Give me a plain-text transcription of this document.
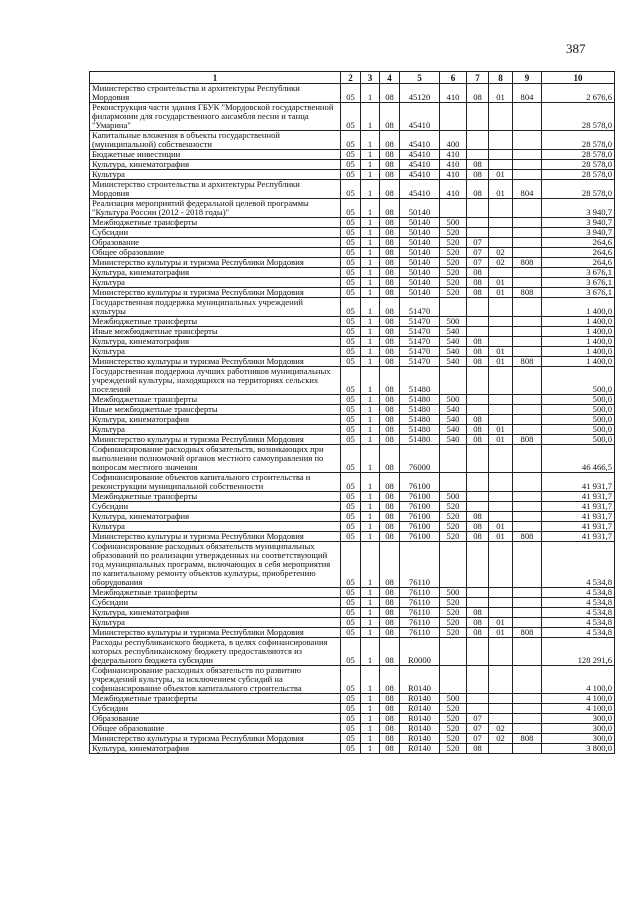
387
1	2	3	4	5	6	7	8	9	10
Министерство строительства и архитектуры Республики Мордовия	05	1	08	45120	410	08	01	804	2 676,6
Реконструкция части здания ГБУК "Мордовской государственной филармонии для государственного ансамбля песни и танца "Умарина"	05	1	08	45410					28 578,0
Капитальные вложения в объекты государственной (муниципальной) собственности	05	1	08	45410	400				28 578,0
Бюджетные инвестиции	05	1	08	45410	410				28 578,0
Культура, кинематография	05	1	08	45410	410	08			28 578,0
Культура	05	1	08	45410	410	08	01		28 578,0
Министерство строительства и архитектуры Республики Мордовия	05	1	08	45410	410	08	01	804	28 578,0
Реализация мероприятий федеральной целевой программы "Культура России (2012 - 2018 годы)"	05	1	08	50140					3 940,7
Межбюджетные трансферты	05	1	08	50140	500				3 940,7
Субсидии	05	1	08	50140	520				3 940,7
Образование	05	1	08	50140	520	07			264,6
Общее образование	05	1	08	50140	520	07	02		264,6
Министерство культуры и туризма Республики Мордовия	05	1	08	50140	520	07	02	808	264,6
Культура, кинематография	05	1	08	50140	520	08			3 676,1
Культура	05	1	08	50140	520	08	01		3 676,1
Министерство культуры и туризма Республики Мордовия	05	1	08	50140	520	08	01	808	3 676,1
Государственная поддержка муниципальных учреждений культуры	05	1	08	51470					1 400,0
Межбюджетные трансферты	05	1	08	51470	500				1 400,0
Иные межбюджетные трансферты	05	1	08	51470	540				1 400,0
Культура, кинематография	05	1	08	51470	540	08			1 400,0
Культура	05	1	08	51470	540	08	01		1 400,0
Министерство культуры и туризма Республики Мордовия	05	1	08	51470	540	08	01	808	1 400,0
Государственная поддержка лучших работников муниципальных учреждений культуры, находящихся на территориях сельских поселений	05	1	08	51480					500,0
Межбюджетные трансферты	05	1	08	51480	500				500,0
Иные межбюджетные трансферты	05	1	08	51480	540				500,0
Культура, кинематография	05	1	08	51480	540	08			500,0
Культура	05	1	08	51480	540	08	01		500,0
Министерство культуры и туризма Республики Мордовия	05	1	08	51480	540	08	01	808	500,0
Софинансирование расходных обязательств, возникающих при выполнении полномочий органов местного самоуправления по вопросам местного значения	05	1	08	76000					46 466,5
Софинансирование объектов капитального строительства и реконструкции муниципальной собственности	05	1	08	76100					41 931,7
Межбюджетные трансферты	05	1	08	76100	500				41 931,7
Субсидии	05	1	08	76100	520				41 931,7
Культура, кинематография	05	1	08	76100	520	08			41 931,7
Культура	05	1	08	76100	520	08	01		41 931,7
Министерство культуры и туризма Республики Мордовия	05	1	08	76100	520	08	01	808	41 931,7
Софинансирование расходных обязательств муниципальных образований по реализации утвержденных на соответствующий год муниципальных программ, включающих в себя мероприятия по капитальному ремонту объектов культуры, приобретению оборудования	05	1	08	76110					4 534,8
Межбюджетные трансферты	05	1	08	76110	500				4 534,8
Субсидии	05	1	08	76110	520				4 534,8
Культура, кинематография	05	1	08	76110	520	08			4 534,8
Культура	05	1	08	76110	520	08	01		4 534,8
Министерство культуры и туризма Республики Мордовия	05	1	08	76110	520	08	01	808	4 534,8
Расходы республиканского бюджета, в целях софинансирования которых республиканскому бюджету предоставляются из федерального бюджета субсидии	05	1	08	R0000					128 291,6
Софинансирование расходных обязательств по развитию учреждений культуры, за исключением субсидий на софинансирование объектов капитального строительства	05	1	08	R0140					4 100,0
Межбюджетные трансферты	05	1	08	R0140	500				4 100,0
Субсидии	05	1	08	R0140	520				4 100,0
Образование	05	1	08	R0140	520	07			300,0
Общее образование	05	1	08	R0140	520	07	02		300,0
Министерство культуры и туризма Республики Мордовия	05	1	08	R0140	520	07	02	808	300,0
Культура, кинематография	05	1	08	R0140	520	08			3 800,0
